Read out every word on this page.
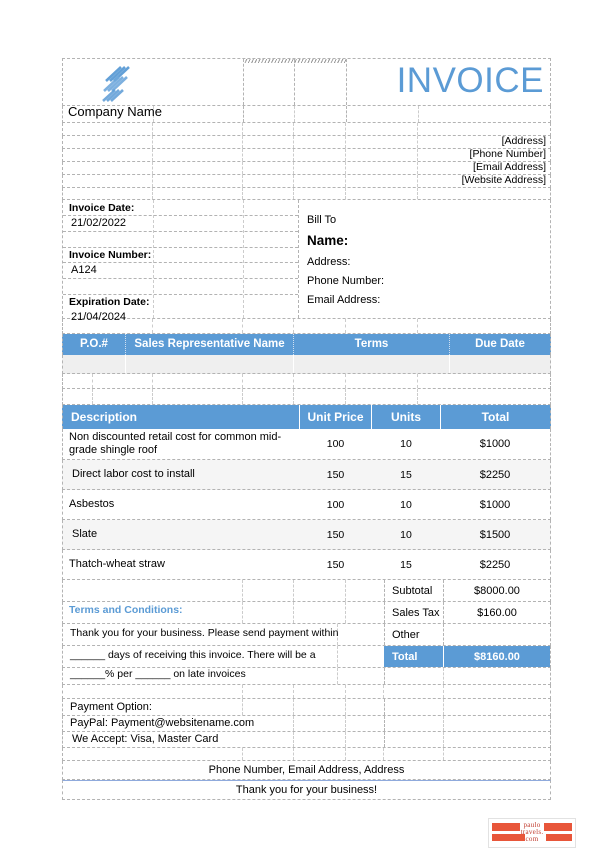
INVOICE
Company Name
[Address]
[Phone Number]
[Email Address]
[Website Address]
Invoice Date:
21/02/2022
Invoice Number:
A124
Expiration Date:
21/04/2024
Bill To
Name:
Address:
Phone Number:
Email Address:
P.O.#	Sales Representative Name	Terms	Due Date
Description	Unit Price	Units	Total
Non discounted retail cost for common mid-grade shingle roof	100	10	$1000
Direct labor cost to install	150	15	$2250
Asbestos	100	10	$1000
Slate	150	10	$1500
Thatch-wheat straw	150	15	$2250
Subtotal	$8000.00
Terms and Conditions:	Sales Tax	$160.00
Thank you for your business. Please send payment within	Other
______ days of receiving this invoice. There will be a	Total	$8160.00
______% per ______ on late invoices
Payment Option:
PayPal: Payment@websitename.com
We Accept: Visa, Master Card
Phone Number, Email Address, Address
Thank you for your business!
paulo
travels.
com
